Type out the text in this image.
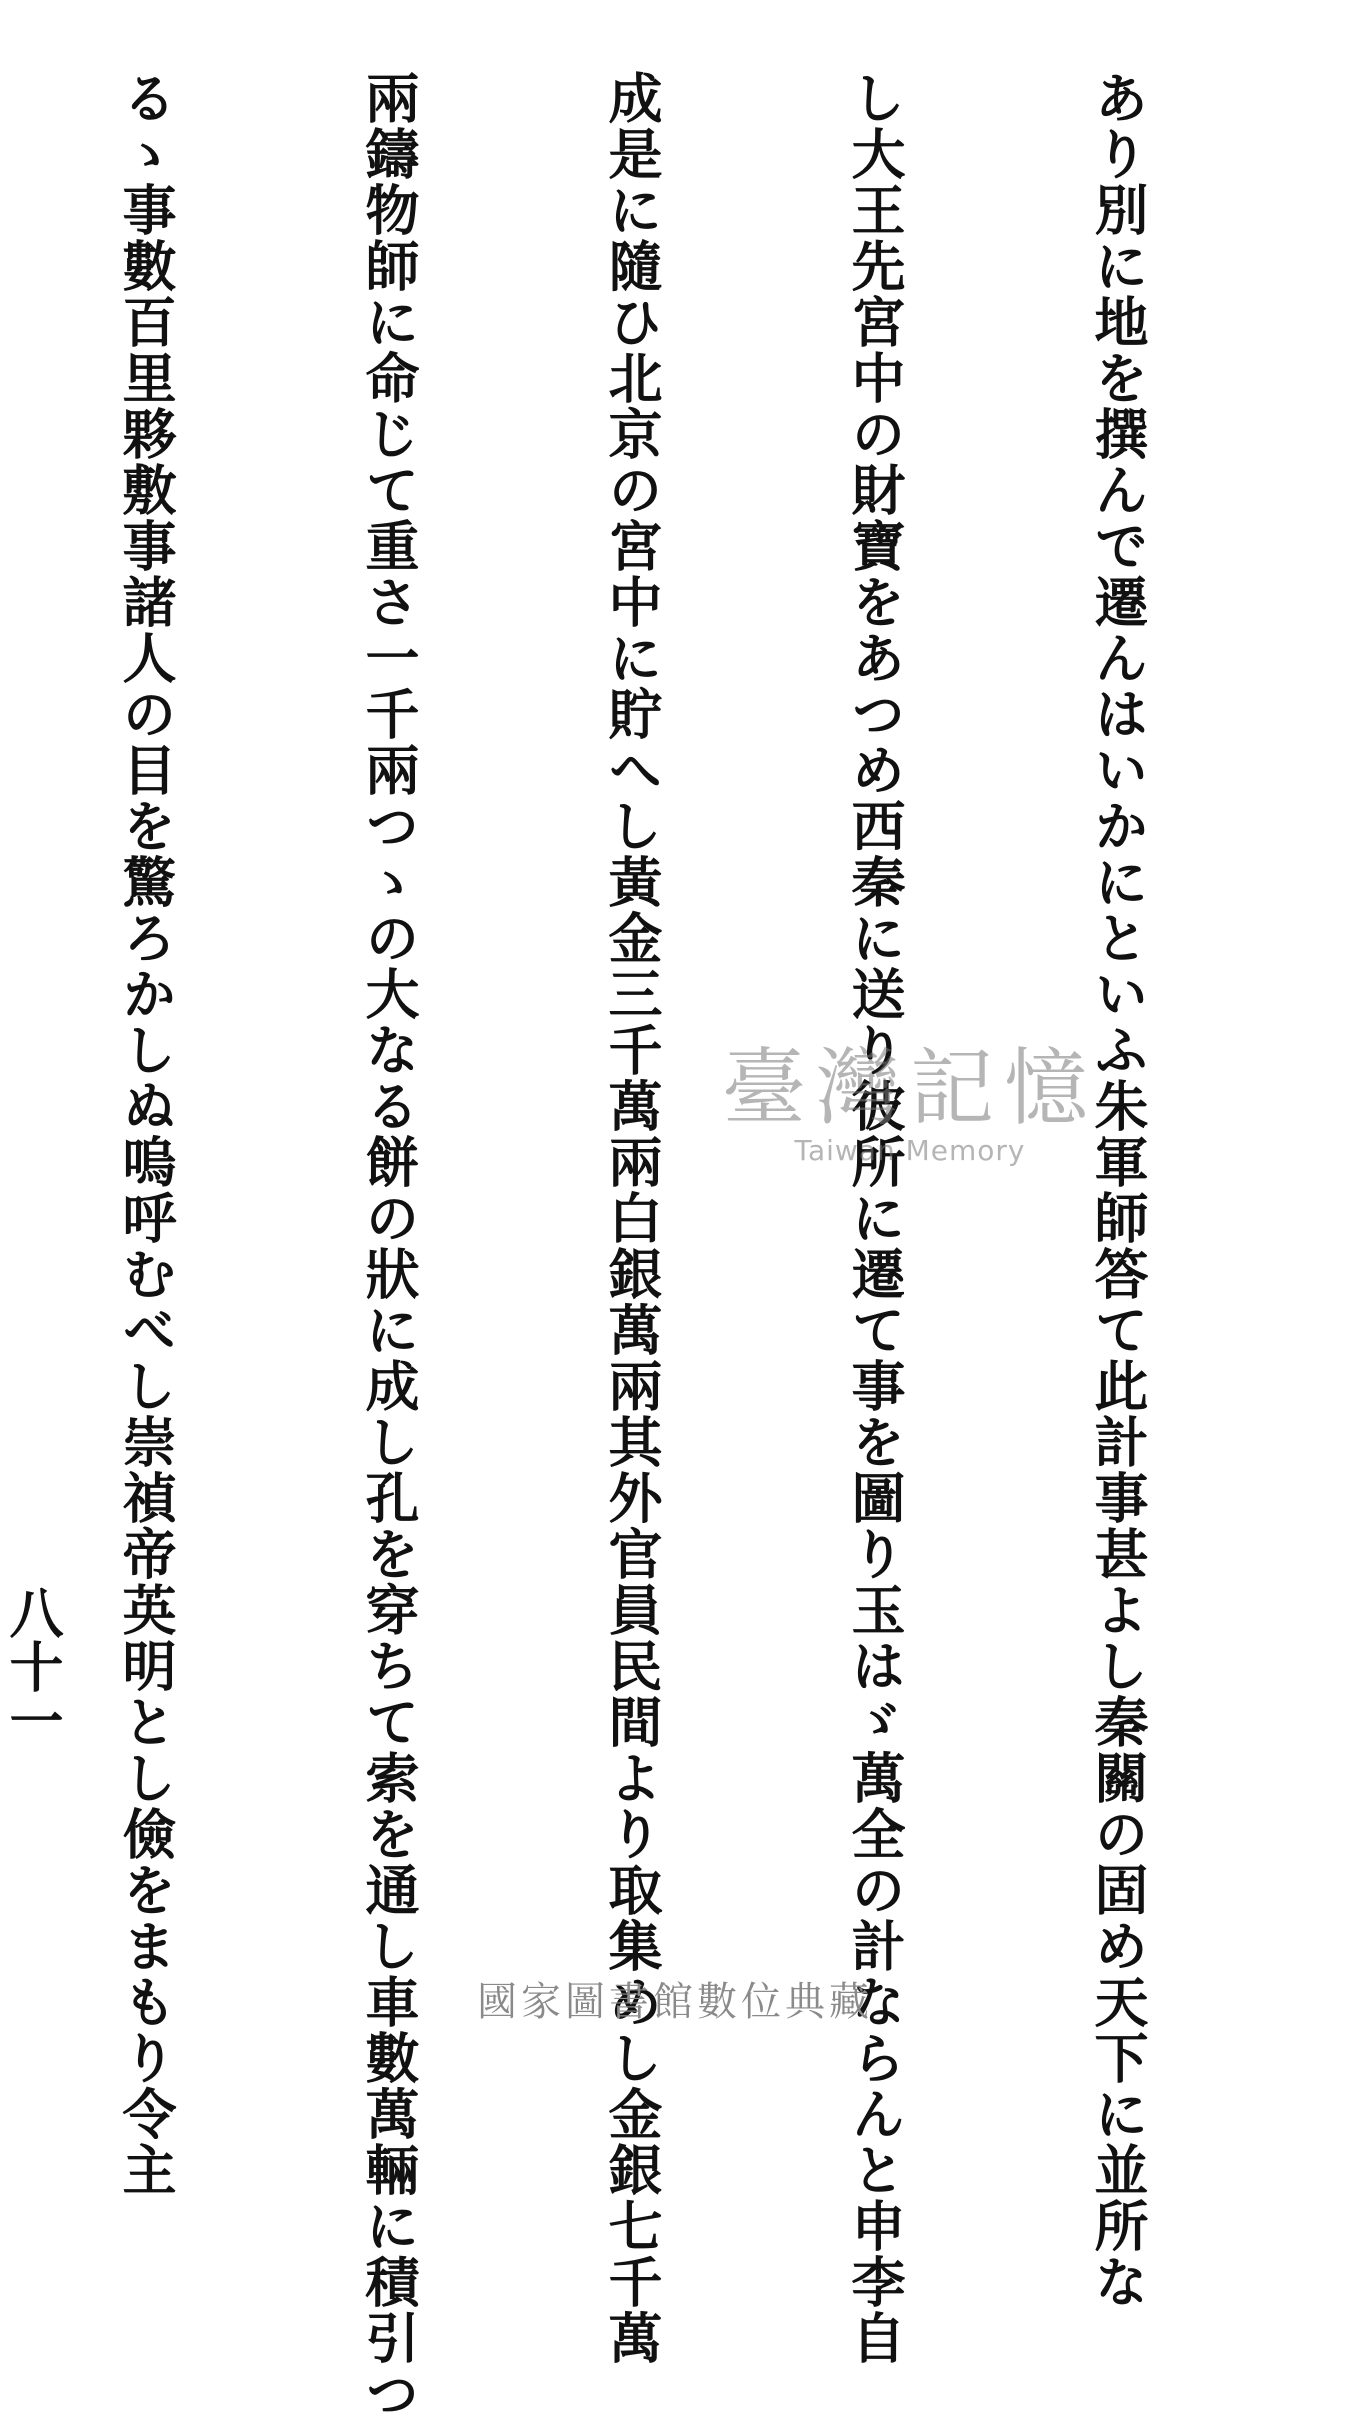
あり別に地を撰んで遷んはいかにといふ朱軍師答て此計事甚よし秦關の固め天下に並所な

し大王先宮中の財寶をあつめ西秦に送り彼所に遷て事を圖り玉はゞ萬全の計ならんと申李自

成是に隨ひ北京の宮中に貯へし黃金三千萬兩白銀萬兩其外官員民間より取集めし金銀七千萬

兩鑄物師に命じて重さ一千兩つゝの大なる餅の狀に成し孔を穿ちて索を通し車數萬輛に積引つ

るゝ事數百里夥敷事諸人の目を驚ろかしぬ嗚呼むべし崇禎帝英明とし儉をまもり令主

八十一
臺灣記憶
Taiwan Memory
國家圖書館數位典藏
